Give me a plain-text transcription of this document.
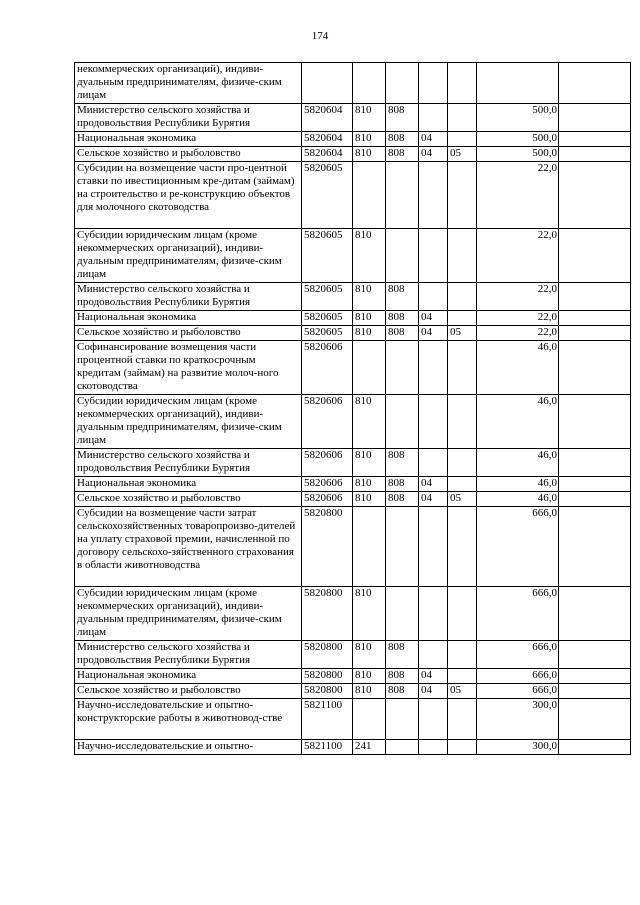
174
некоммерческих организаций), индиви-дуальным предпринимателям, физиче-ским лицам							
Министерство сельского хозяйства и продовольствия Республики Бурятия	5820604	810	808			500,0	
Национальная экономика	5820604	810	808	04		500,0	
Сельское хозяйство и рыболовство	5820604	810	808	04	05	500,0	
Субсидии на возмещение части про-центной ставки по ивестиционным кре-дитам (займам) на строительство и ре-конструкцию объектов для молочного скотоводства	5820605					22,0	
Субсидии юридическим лицам (кроме некоммерческих организаций), индиви-дуальным предпринимателям, физиче-ским лицам	5820605	810				22,0	
Министерство сельского хозяйства и продовольствия Республики Бурятия	5820605	810	808			22,0	
Национальная экономика	5820605	810	808	04		22,0	
Сельское хозяйство и рыболовство	5820605	810	808	04	05	22,0	
Софинансирование возмещения части процентной ставки по краткосрочным кредитам (займам) на развитие молоч-ного скотоводства	5820606					46,0	
Субсидии юридическим лицам (кроме некоммерческих организаций), индиви-дуальным предпринимателям, физиче-ским лицам	5820606	810				46,0	
Министерство сельского хозяйства и продовольствия Республики Бурятия	5820606	810	808			46,0	
Национальная экономика	5820606	810	808	04		46,0	
Сельское хозяйство и рыболовство	5820606	810	808	04	05	46,0	
Субсидии на возмещение части затрат сельскохозяйственных товаропроизво-дителей на уплату страховой премии, начисленной по договору сельскохо-зяйственного страхования в области животноводства	5820800					666,0	
Субсидии юридическим лицам (кроме некоммерческих организаций), индиви-дуальным предпринимателям, физиче-ским лицам	5820800	810				666,0	
Министерство сельского хозяйства и продовольствия Республики Бурятия	5820800	810	808			666,0	
Национальная экономика	5820800	810	808	04		666,0	
Сельское хозяйство и рыболовство	5820800	810	808	04	05	666,0	
Научно-исследовательские и опытно-конструкторские работы в животновод-стве	5821100					300,0	
Научно-исследовательские и опытно-	5821100	241				300,0	
